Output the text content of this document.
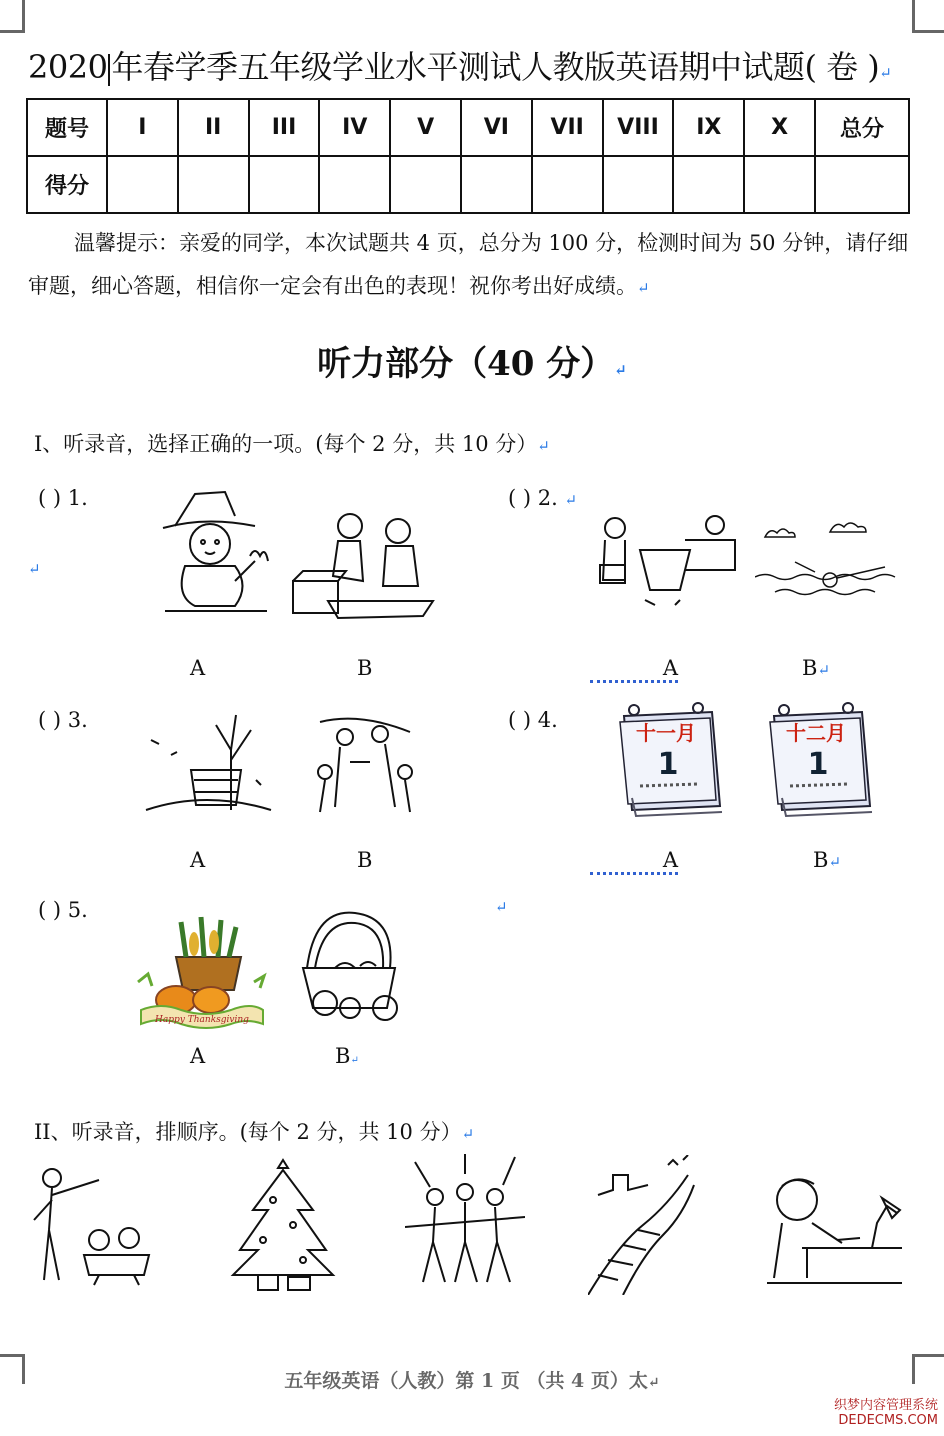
2020 年春学季五年级学业水平测试人教版英语期中试题( 卷 )↵
题号	I	II	III	IV	V	VI	VII	VIII	IX	X	总分
得分											
温馨提示：亲爱的同学，本次试题共 4 页，总分为 100 分，检测时间为 50 分钟，请仔细审题，细心答题，相信你一定会有出色的表现！祝你考出好成绩。↵
听力部分（40 分）↵
Ⅰ、听录音，选择正确的一项。(每个 2 分，共 10 分）↵
( ) 1.
A	B
↵
( ) 2. ↵
A	B↵
( ) 3.
A	B
( ) 4.
十一月
1
十二月
1
A	B↵
( ) 5.	↵
Happy Thanksgiving
A	B↵
II、听录音，排顺序。(每个 2 分，共 10 分）↵
五年级英语（人教）第 1 页 （共 4 页）太↵
织梦内容管理系统
DEDECMS.COM
